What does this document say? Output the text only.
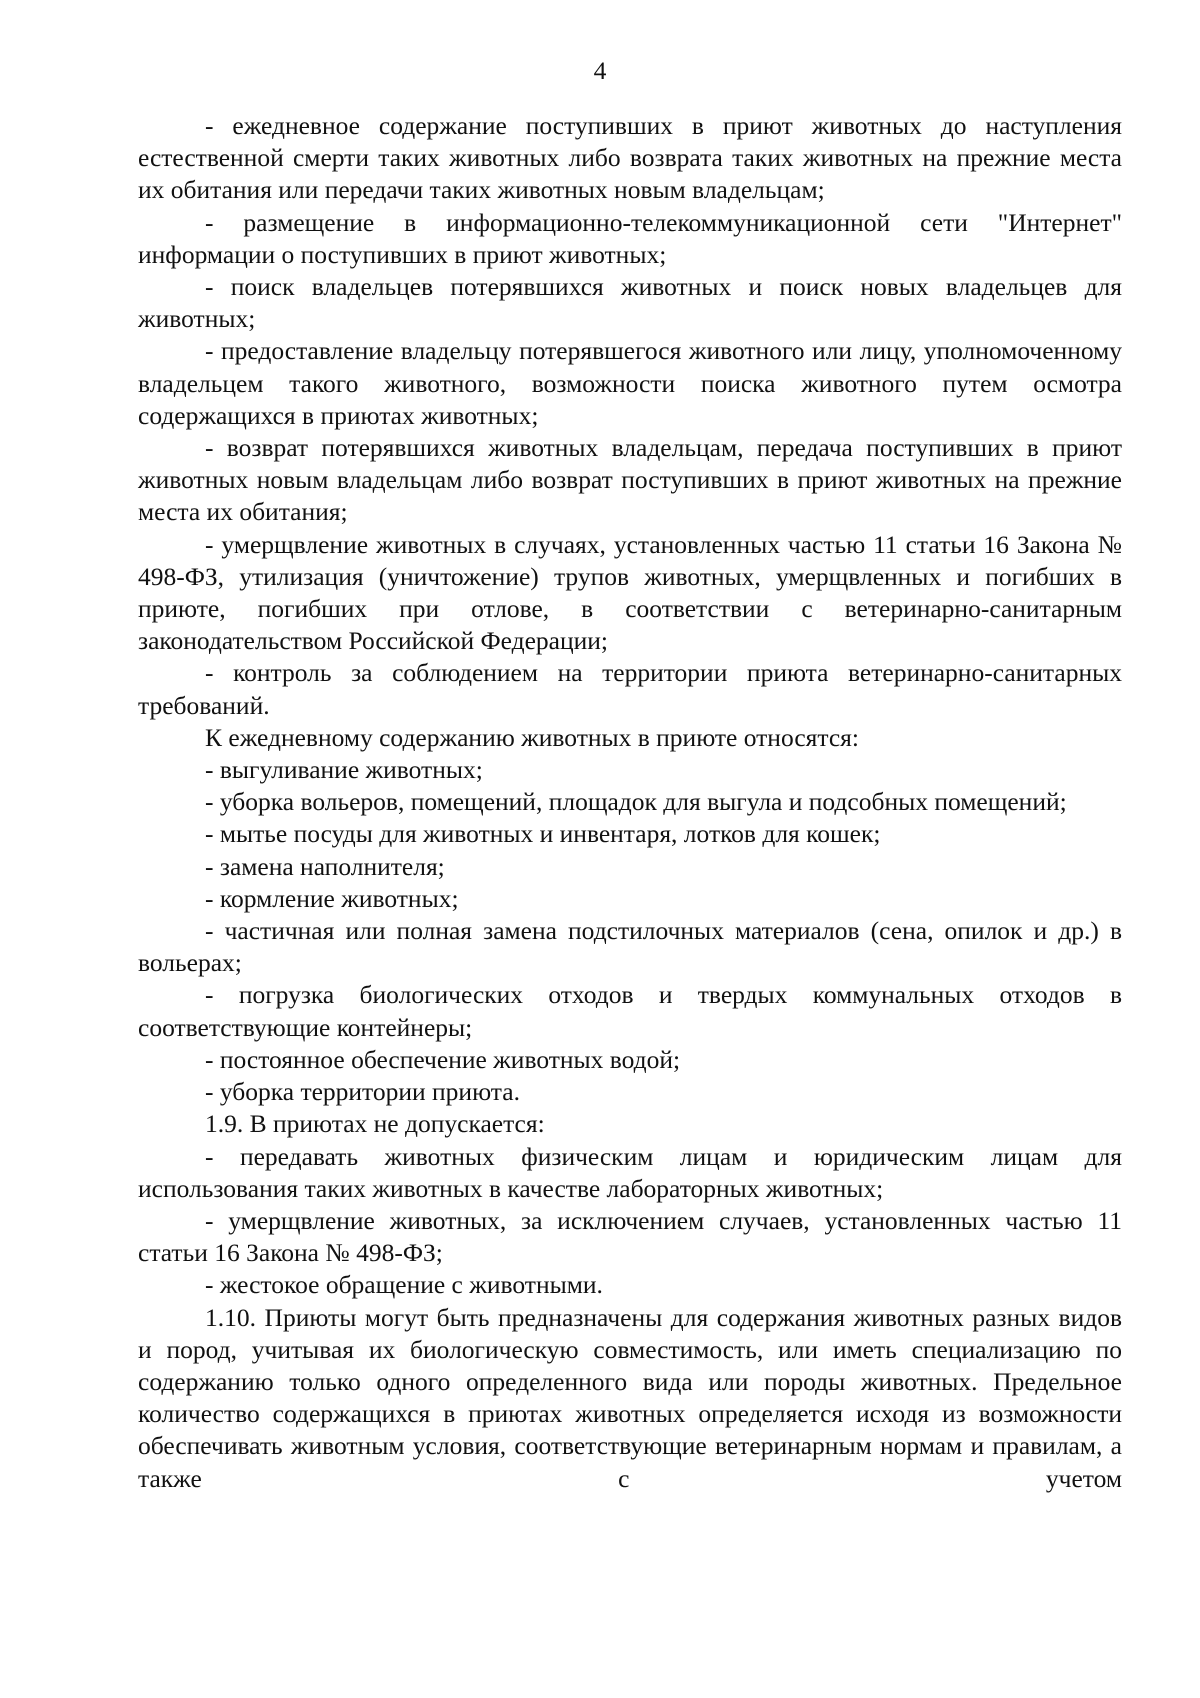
4

- ежедневное содержание поступивших в приют животных до наступления естественной смерти таких животных либо возврата таких животных на прежние места их обитания или передачи таких животных новым владельцам;

- размещение в информационно-телекоммуникационной сети "Интернет" информации о поступивших в приют животных;

- поиск владельцев потерявшихся животных и поиск новых владельцев для животных;

- предоставление владельцу потерявшегося животного или лицу, уполномоченному владельцем такого животного, возможности поиска животного путем осмотра содержащихся в приютах животных;

- возврат потерявшихся животных владельцам, передача поступивших в приют животных новым владельцам либо возврат поступивших в приют животных на прежние места их обитания;

- умерщвление животных в случаях, установленных частью 11 статьи 16 Закона № 498-ФЗ, утилизация (уничтожение) трупов животных, умерщвленных и погибших в приюте, погибших при отлове, в соответствии с ветеринарно-санитарным законодательством Российской Федерации;

- контроль за соблюдением на территории приюта ветеринарно-санитарных требований.

К ежедневному содержанию животных в приюте относятся:

- выгуливание животных;

- уборка вольеров, помещений, площадок для выгула и подсобных помещений;

- мытье посуды для животных и инвентаря, лотков для кошек;

- замена наполнителя;

- кормление животных;

- частичная или полная замена подстилочных материалов (сена, опилок и др.) в вольерах;

- погрузка биологических отходов и твердых коммунальных отходов в соответствующие контейнеры;

- постоянное обеспечение животных водой;

- уборка территории приюта.

1.9. В приютах не допускается:

- передавать животных физическим лицам и юридическим лицам для использования таких животных в качестве лабораторных животных;

- умерщвление животных, за исключением случаев, установленных частью 11 статьи 16 Закона № 498-ФЗ;

- жестокое обращение с животными.

1.10. Приюты могут быть предназначены для содержания животных разных видов и пород, учитывая их биологическую совместимость, или иметь специализацию по содержанию только одного определенного вида или породы животных. Предельное количество содержащихся в приютах животных определяется исходя из возможности обеспечивать животным условия, соответствующие ветеринарным нормам и правилам, а также с учетом
